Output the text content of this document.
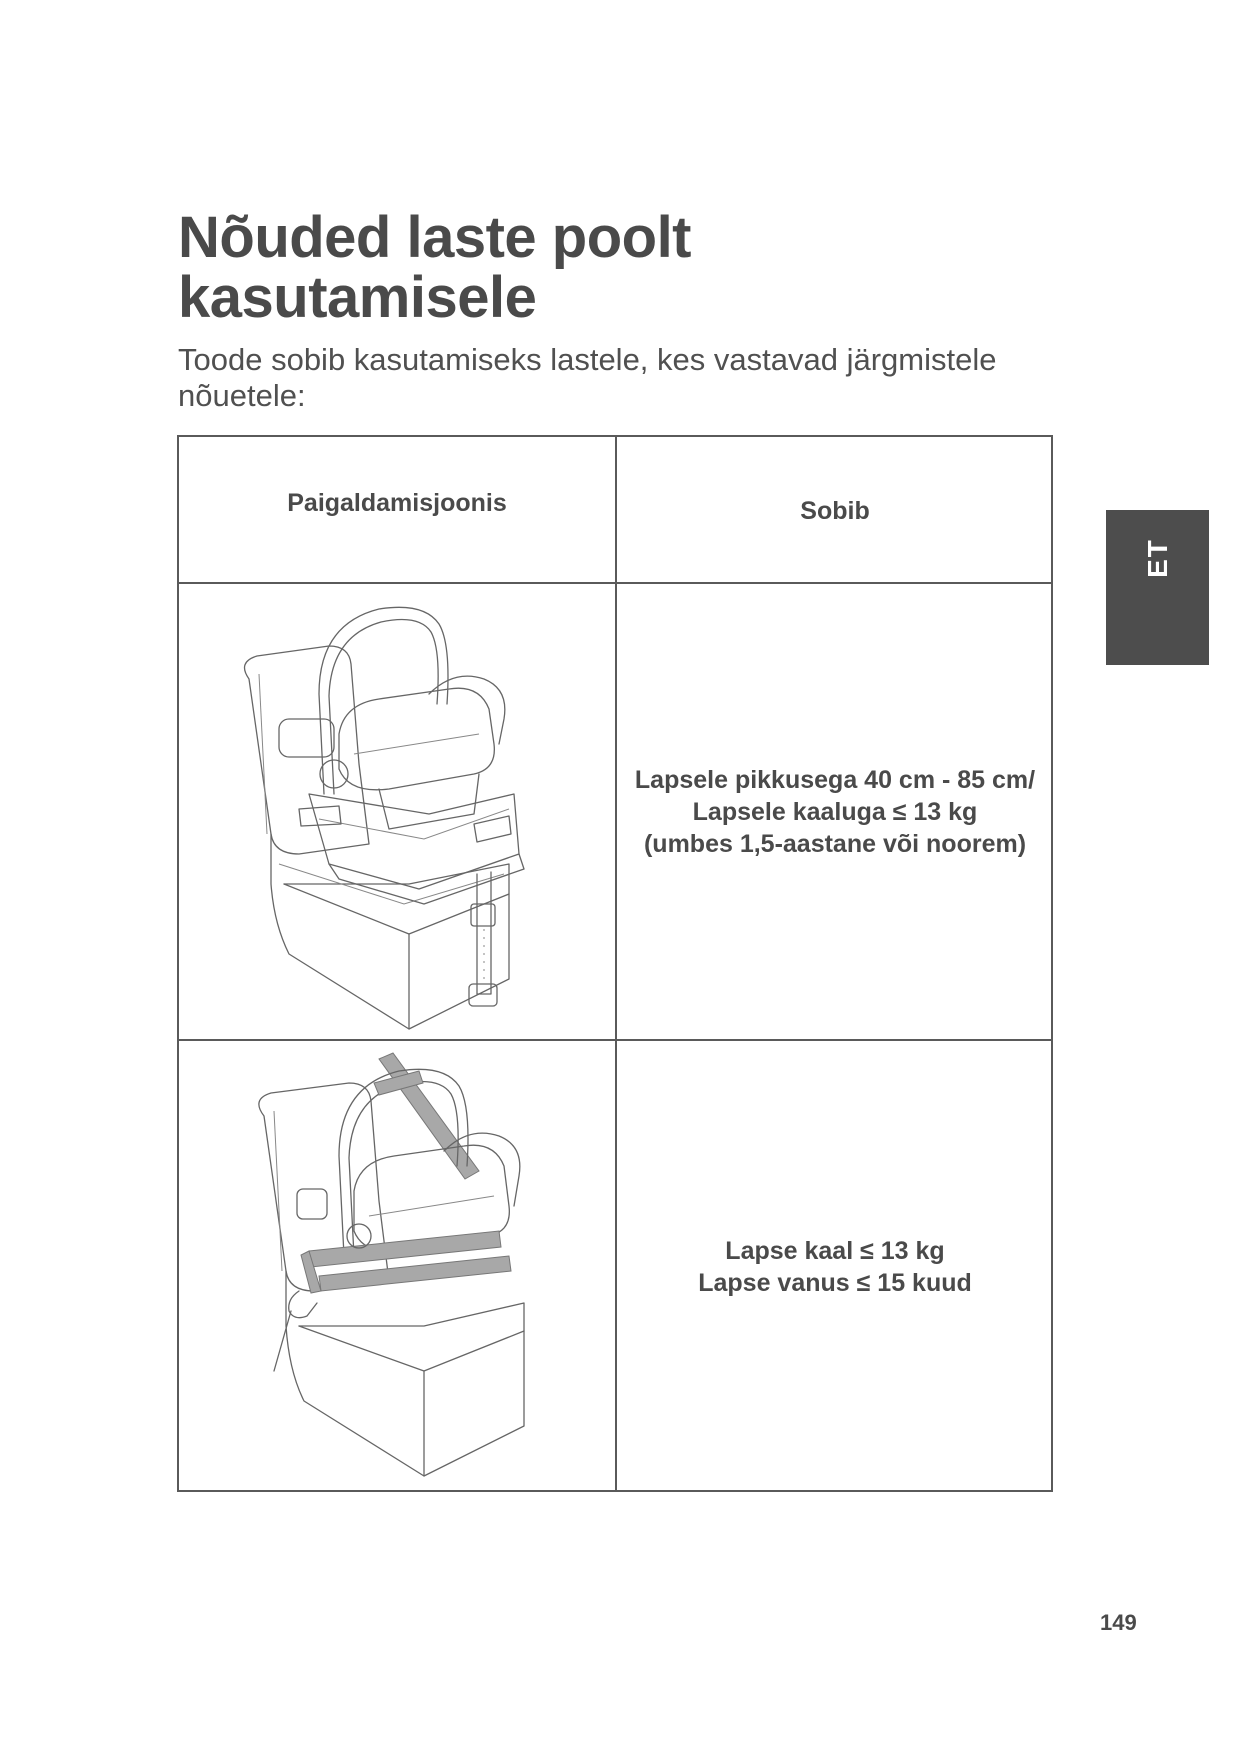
Nõuded laste poolt
kasutamisele

Toode sobib kasutamiseks lastele, kes vastavad järgmistele nõuetele:

Paigaldamisjoonis	Sobib
Lapsele pikkusega 40 cm - 85 cm/
Lapsele kaaluga ≤ 13 kg
(umbes 1,5-aastane või noorem)
Lapse kaal ≤ 13 kg
Lapse vanus ≤ 15 kuud
ET
149
